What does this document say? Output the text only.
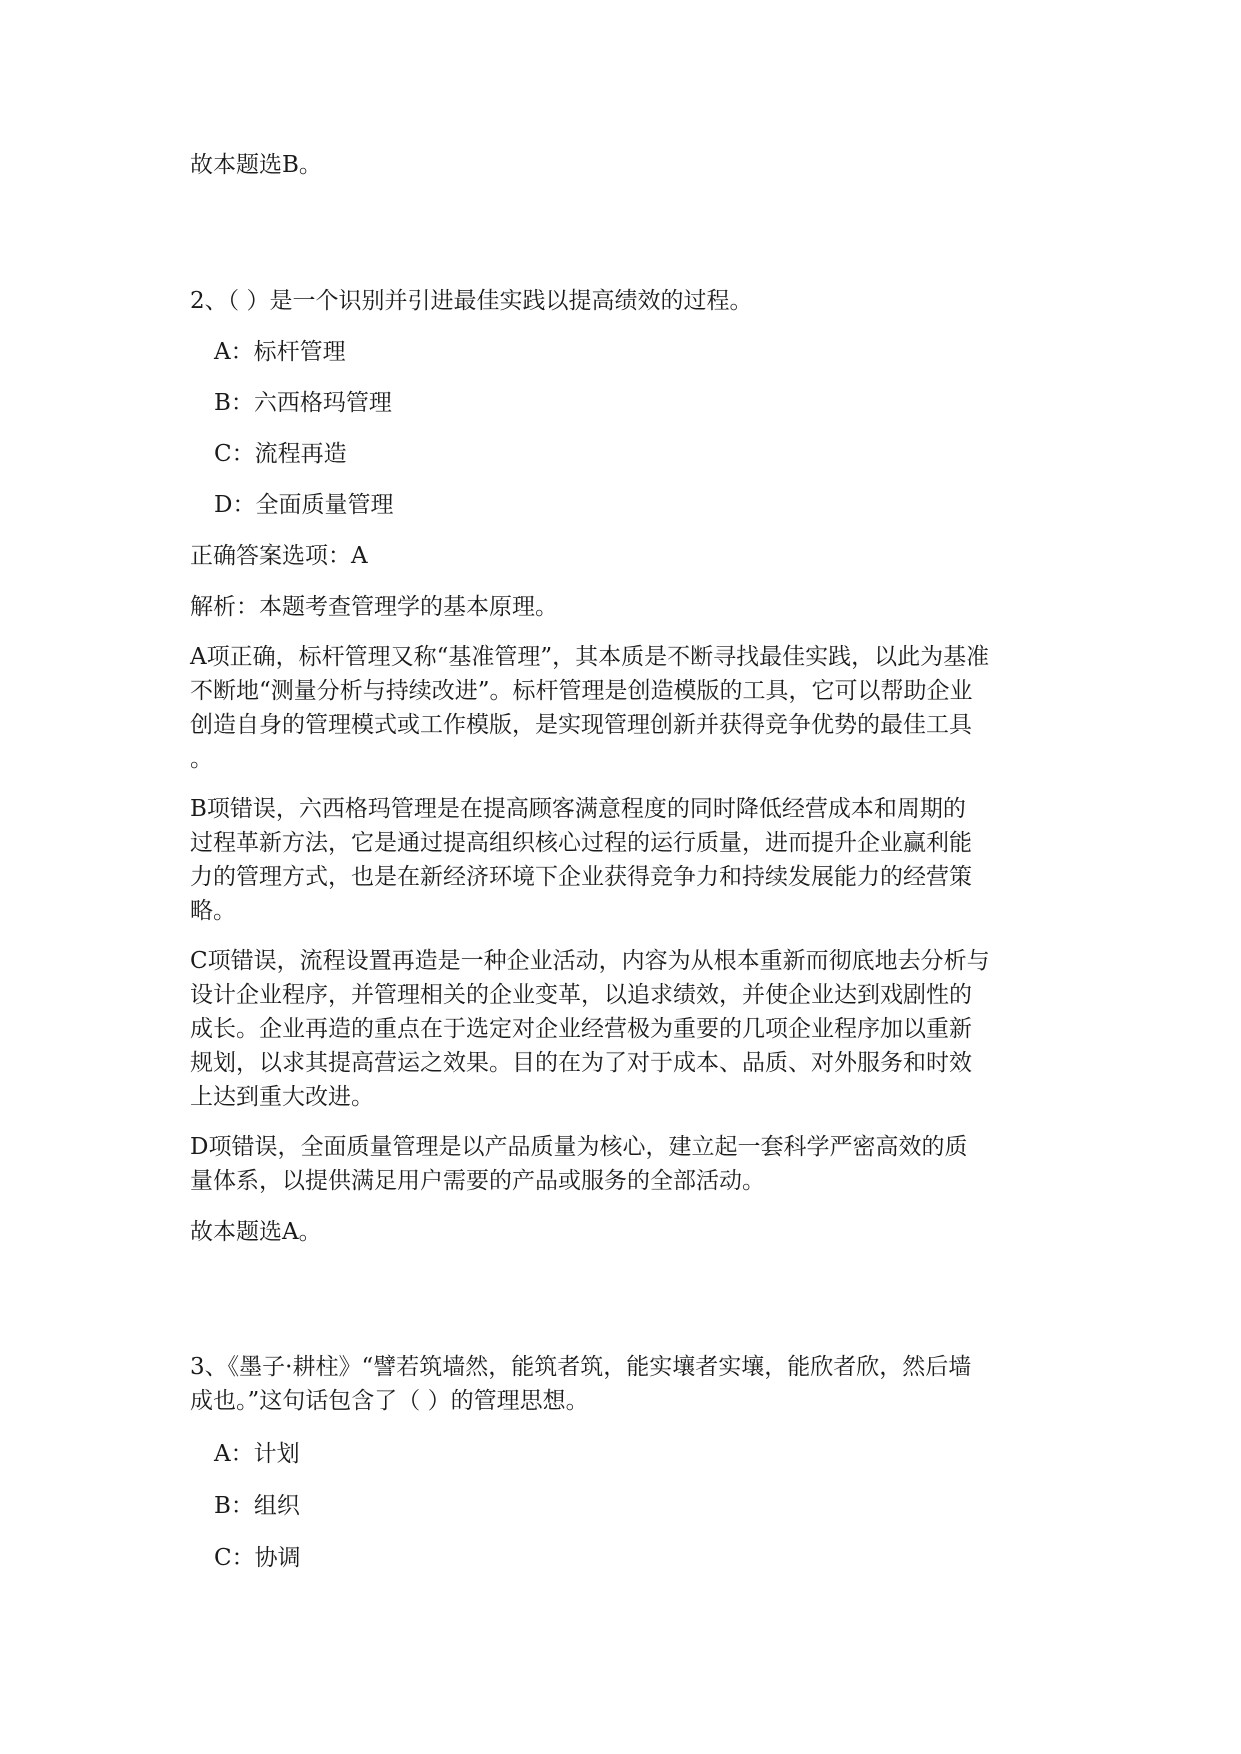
故本题选B。

2、（ ）是一个识别并引进最佳实践以提高绩效的过程。

A：标杆管理

B：六西格玛管理

C：流程再造

D：全面质量管理

正确答案选项：A

解析：本题考查管理学的基本原理。

A项正确，标杆管理又称“基准管理”，其本质是不断寻找最佳实践，以此为基准
不断地“测量分析与持续改进”。标杆管理是创造模版的工具，它可以帮助企业
创造自身的管理模式或工作模版，是实现管理创新并获得竞争优势的最佳工具
。
B项错误，六西格玛管理是在提高顾客满意程度的同时降低经营成本和周期的
过程革新方法，它是通过提高组织核心过程的运行质量，进而提升企业赢利能
力的管理方式，也是在新经济环境下企业获得竞争力和持续发展能力的经营策
略。
C项错误，流程设置再造是一种企业活动，内容为从根本重新而彻底地去分析与
设计企业程序，并管理相关的企业变革，以追求绩效，并使企业达到戏剧性的
成长。企业再造的重点在于选定对企业经营极为重要的几项企业程序加以重新
规划，以求其提高营运之效果。目的在为了对于成本、品质、对外服务和时效
上达到重大改进。
D项错误，全面质量管理是以产品质量为核心，建立起一套科学严密高效的质
量体系，以提供满足用户需要的产品或服务的全部活动。

故本题选A。

3、《墨子·耕柱》“譬若筑墙然，能筑者筑，能实壤者实壤，能欣者欣，然后墙
成也。”这句话包含了（ ）的管理思想。

A：计划

B：组织

C：协调
